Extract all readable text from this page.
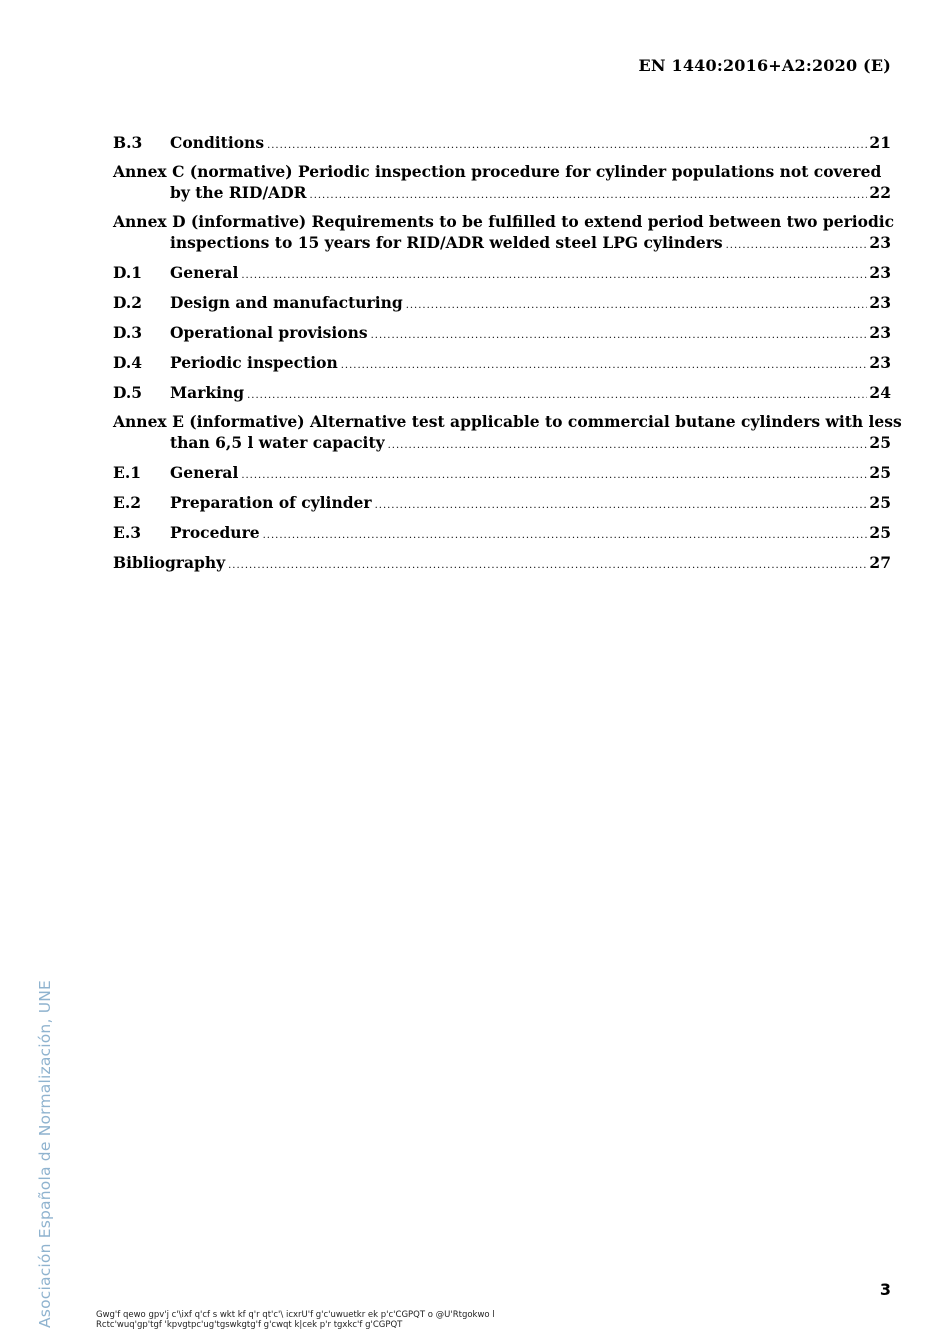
EN 1440:2016+A2:2020 (E)
B.3	Conditions .....	21
Annex C (normative) Periodic inspection procedure for cylinder populations not covered
by the RID/ADR .....	22
Annex D (informative) Requirements to be fulfilled to extend period between two periodic
inspections to 15 years for RID/ADR welded steel LPG cylinders .....	23
D.1	General .....	23
D.2	Design and manufacturing .....	23
D.3	Operational provisions .....	23
D.4	Periodic inspection .....	23
D.5	Marking .....	24
Annex E (informative) Alternative test applicable to commercial butane cylinders with less
than 6,5 l water capacity .....	25
E.1	General .....	25
E.2	Preparation of cylinder .....	25
E.3	Procedure .....	25
Bibliography .....	27
Asociación Española de Normalización, UNE	3
Gwg'f qewo gpv'j c'\ixf q'cf s wkt kf q'r qt'c'\ icxrU'f g'c'uwuetkr ek p'c'CGPQT o @U'Rtgokwo l
Rctc'wuq'gp'tgf 'kpvgtpc'ug'tgswkgtg'f g'cwqt k|cek p'r tgxkc'f g'CGPQT
